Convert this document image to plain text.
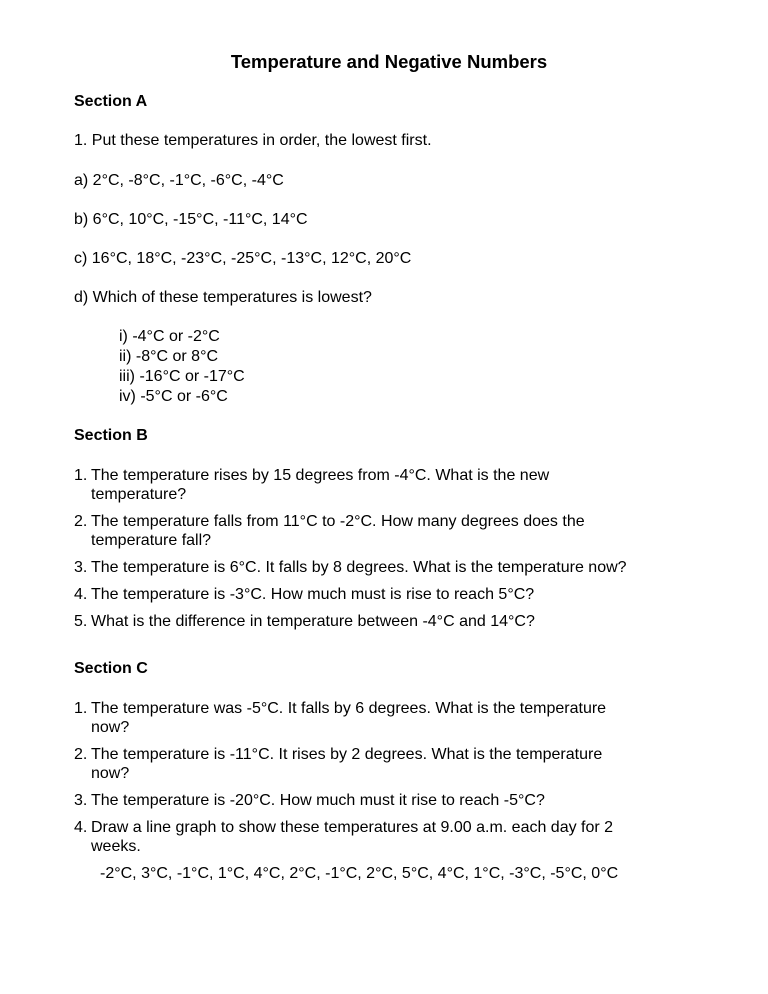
Temperature and Negative Numbers
Section A
1. Put these temperatures in order, the lowest first.
a) 2°C, -8°C, -1°C, -6°C, -4°C
b) 6°C, 10°C, -15°C, -11°C, 14°C
c) 16°C, 18°C, -23°C, -25°C, -13°C, 12°C, 20°C
d) Which of these temperatures is lowest?
i) -4°C or -2°C
ii) -8°C or 8°C
iii) -16°C or -17°C
iv) -5°C or -6°C
Section B
1. The temperature rises by 15 degrees from -4°C. What is the new
temperature?
2. The temperature falls from 11°C to -2°C. How many degrees does the
temperature fall?
3. The temperature is 6°C. It falls by 8 degrees. What is the temperature now?
4. The temperature is -3°C. How much must is rise to reach 5°C?
5. What is the difference in temperature between -4°C and 14°C?
Section C
1. The temperature was -5°C. It falls by 6 degrees. What is the temperature
now?
2. The temperature is -11°C. It rises by 2 degrees. What is the temperature
now?
3. The temperature is -20°C. How much must it rise to reach -5°C?
4. Draw a line graph to show these temperatures at 9.00 a.m. each day for 2
weeks.
-2°C, 3°C, -1°C, 1°C, 4°C, 2°C, -1°C, 2°C, 5°C, 4°C, 1°C, -3°C, -5°C, 0°C
